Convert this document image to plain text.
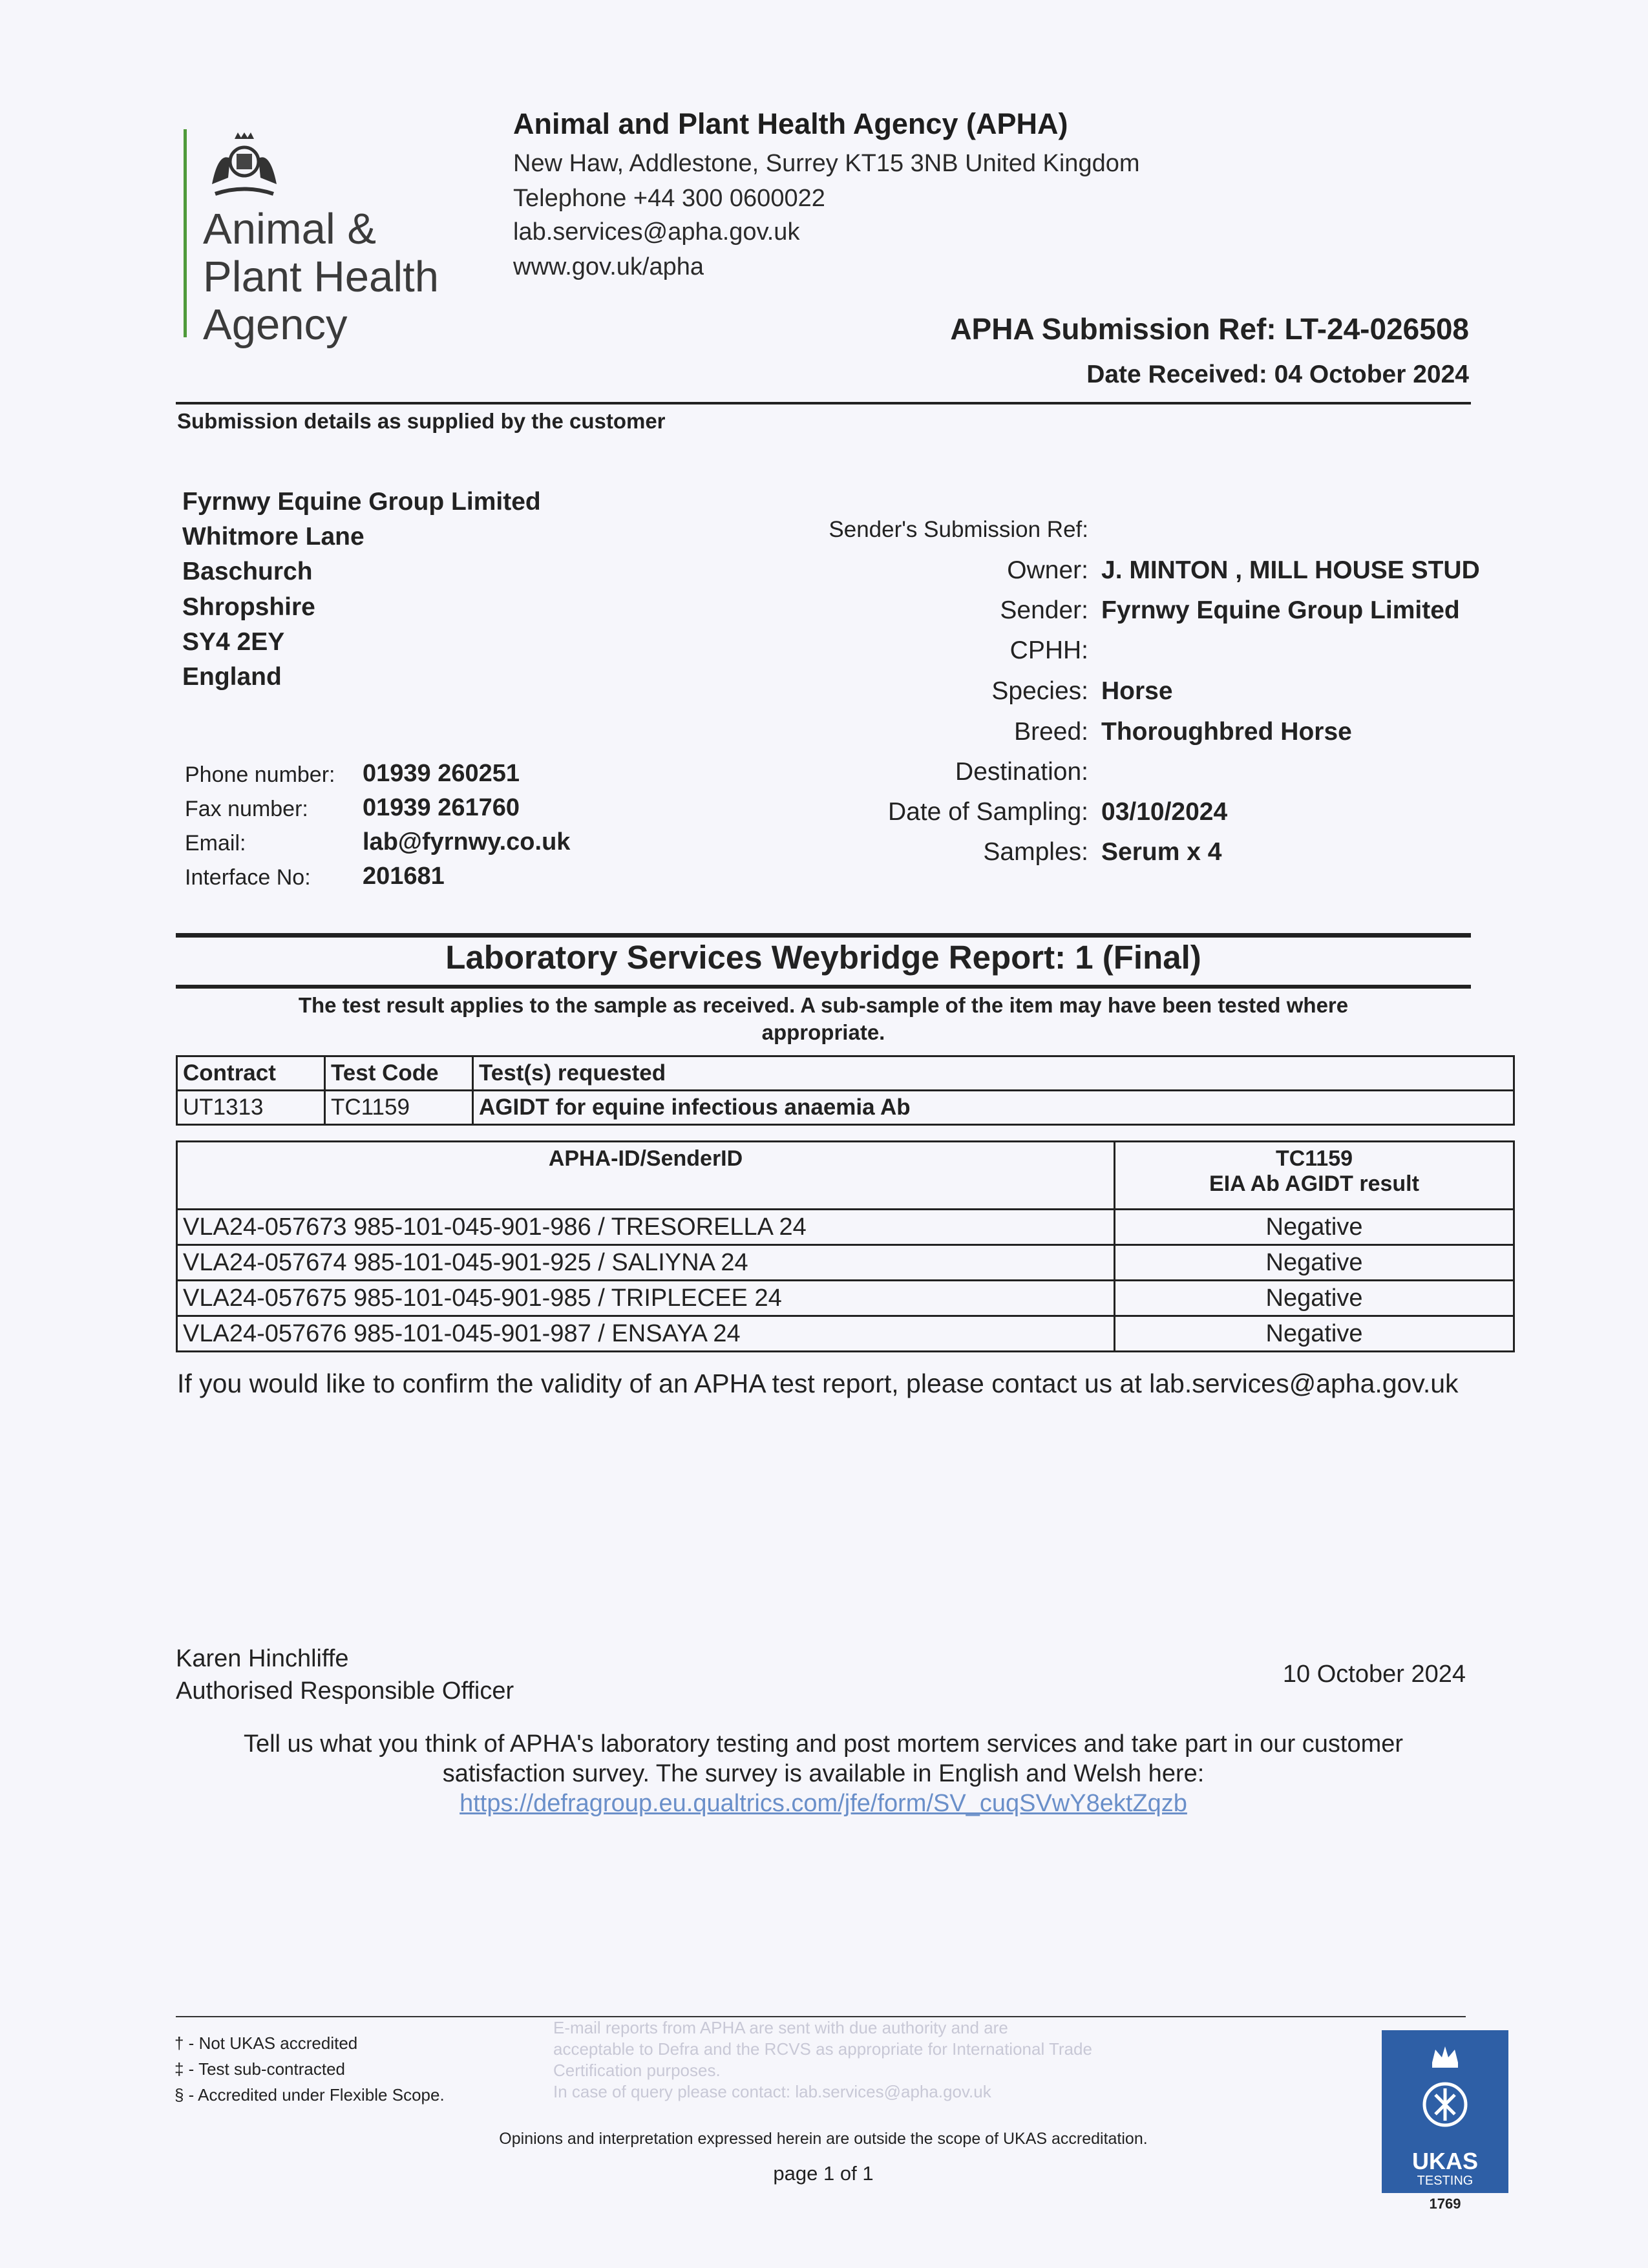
Animal &
Plant Health
Agency
Animal and Plant Health Agency (APHA)
New Haw, Addlestone, Surrey KT15 3NB United Kingdom
Telephone +44 300 0600022
lab.services@apha.gov.uk
www.gov.uk/apha
APHA Submission Ref: LT-24-026508
Date Received: 04 October 2024
Submission details as supplied by the customer
Fyrnwy Equine Group Limited
Whitmore Lane
Baschurch
Shropshire
SY4 2EY
England
Phone number: 01939 260251
Fax number: 01939 261760
Email:	lab@fyrnwy.co.uk
Interface No: 201681
Sender's Submission Ref:
Owner: J. MINTON , MILL HOUSE STUD
Sender: Fyrnwy Equine Group Limited
CPHH:
Species: Horse
Breed: Thoroughbred Horse
Destination:
Date of Sampling: 03/10/2024
Samples: Serum x 4
Laboratory Services Weybridge Report: 1 (Final)
The test result applies to the sample as received. A sub-sample of the item may have been tested where
appropriate.
Contract	Test Code	Test(s) requested
UT1313	TC1159	AGIDT for equine infectious anaemia Ab
APHA-ID/SenderID	TC1159
EIA Ab AGIDT result

VLA24-057673 985-101-045-901-986 / TRESORELLA 24	Negative
VLA24-057674 985-101-045-901-925 / SALIYNA 24	Negative
VLA24-057675 985-101-045-901-985 / TRIPLECEE 24	Negative
VLA24-057676 985-101-045-901-987 / ENSAYA 24	Negative
If you would like to confirm the validity of an APHA test report, please contact us at lab.services@apha.gov.uk
Karen Hinchliffe
Authorised Responsible Officer
10 October 2024
Tell us what you think of APHA's laboratory testing and post mortem services and take part in our customer
satisfaction survey. The survey is available in English and Welsh here:
https://defragroup.eu.qualtrics.com/jfe/form/SV_cuqSVwY8ektZqzb
† - Not UKAS accredited
‡ - Test sub-contracted
§ - Accredited under Flexible Scope.
E-mail reports from APHA are sent with due authority and are
acceptable to Defra and the RCVS as appropriate for International Trade
Certification purposes.
In case of query please contact: lab.services@apha.gov.uk
Opinions and interpretation expressed herein are outside the scope of UKAS accreditation.
page 1 of 1	UKAS
TESTING
1769
